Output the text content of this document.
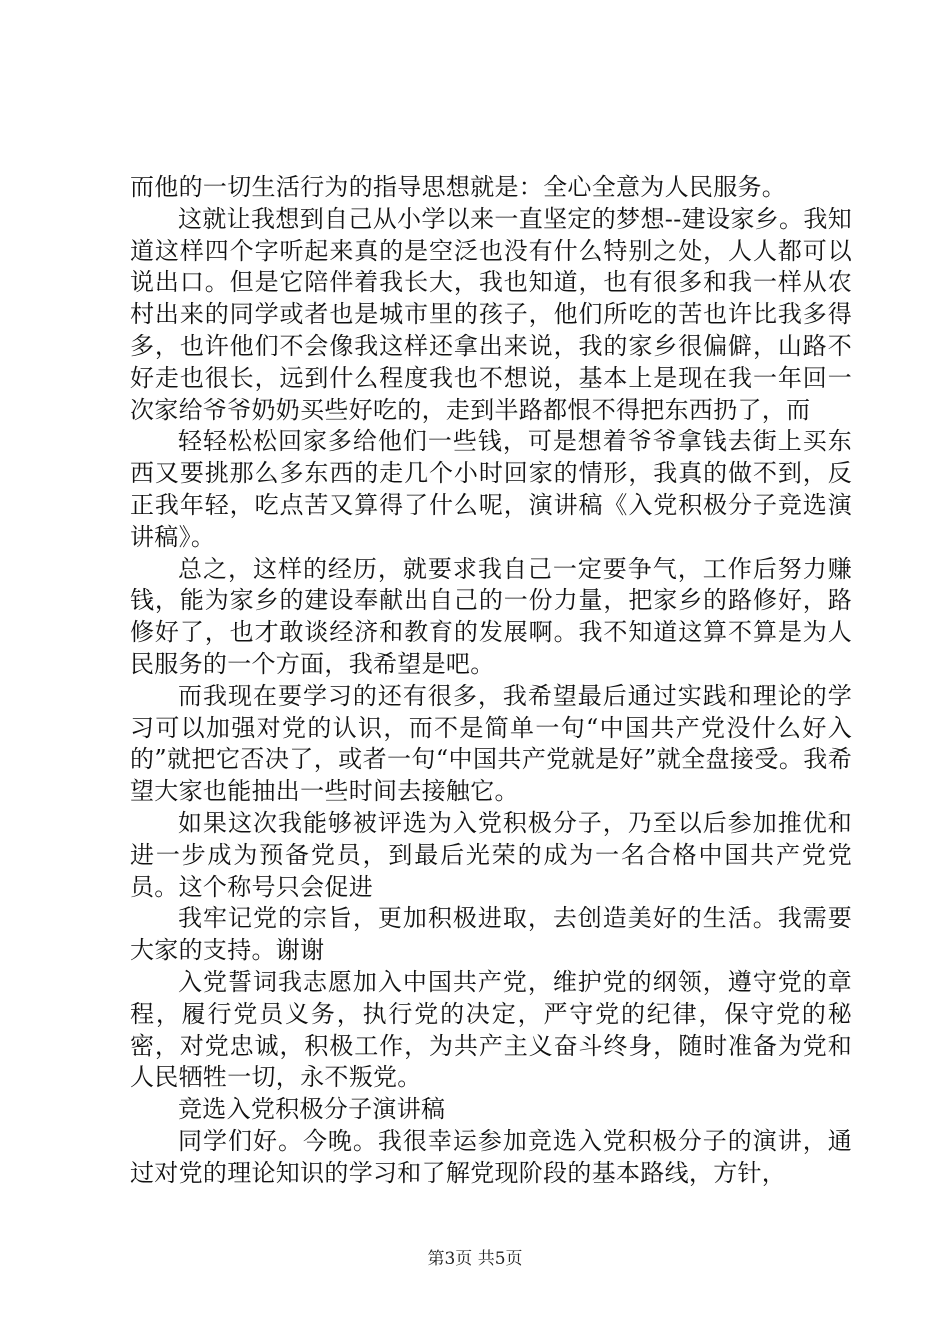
而他的一切生活行为的指导思想就是：全心全意为人民服务。

这就让我想到自己从小学以来一直坚定的梦想--建设家乡。我知道这样四个字听起来真的是空泛也没有什么特别之处，人人都可以说出口。但是它陪伴着我长大，我也知道，也有很多和我一样从农村出来的同学或者也是城市里的孩子，他们所吃的苦也许比我多得多，也许他们不会像我这样还拿出来说，我的家乡很偏僻，山路不好走也很长，远到什么程度我也不想说，基本上是现在我一年回一次家给爷爷奶奶买些好吃的，走到半路都恨不得把东西扔了，而

轻轻松松回家多给他们一些钱，可是想着爷爷拿钱去街上买东西又要挑那么多东西的走几个小时回家的情形，我真的做不到，反正我年轻，吃点苦又算得了什么呢，演讲稿《入党积极分子竞选演讲稿》。

总之，这样的经历，就要求我自己一定要争气，工作后努力赚钱，能为家乡的建设奉献出自己的一份力量，把家乡的路修好，路修好了，也才敢谈经济和教育的发展啊。我不知道这算不算是为人民服务的一个方面，我希望是吧。

而我现在要学习的还有很多，我希望最后通过实践和理论的学习可以加强对党的认识，而不是简单一句“中国共产党没什么好入的”就把它否决了，或者一句“中国共产党就是好”就全盘接受。我希望大家也能抽出一些时间去接触它。

如果这次我能够被评选为入党积极分子，乃至以后参加推优和进一步成为预备党员，到最后光荣的成为一名合格中国共产党党员。这个称号只会促进

我牢记党的宗旨，更加积极进取，去创造美好的生活。我需要大家的支持。谢谢

入党誓词我志愿加入中国共产党，维护党的纲领，遵守党的章程，履行党员义务，执行党的决定，严守党的纪律，保守党的秘密，对党忠诚，积极工作，为共产主义奋斗终身，随时准备为党和人民牺牲一切，永不叛党。

竞选入党积极分子演讲稿

同学们好。今晚。我很幸运参加竞选入党积极分子的演讲，通过对党的理论知识的学习和了解党现阶段的基本路线，方针，

第3页 共5页
